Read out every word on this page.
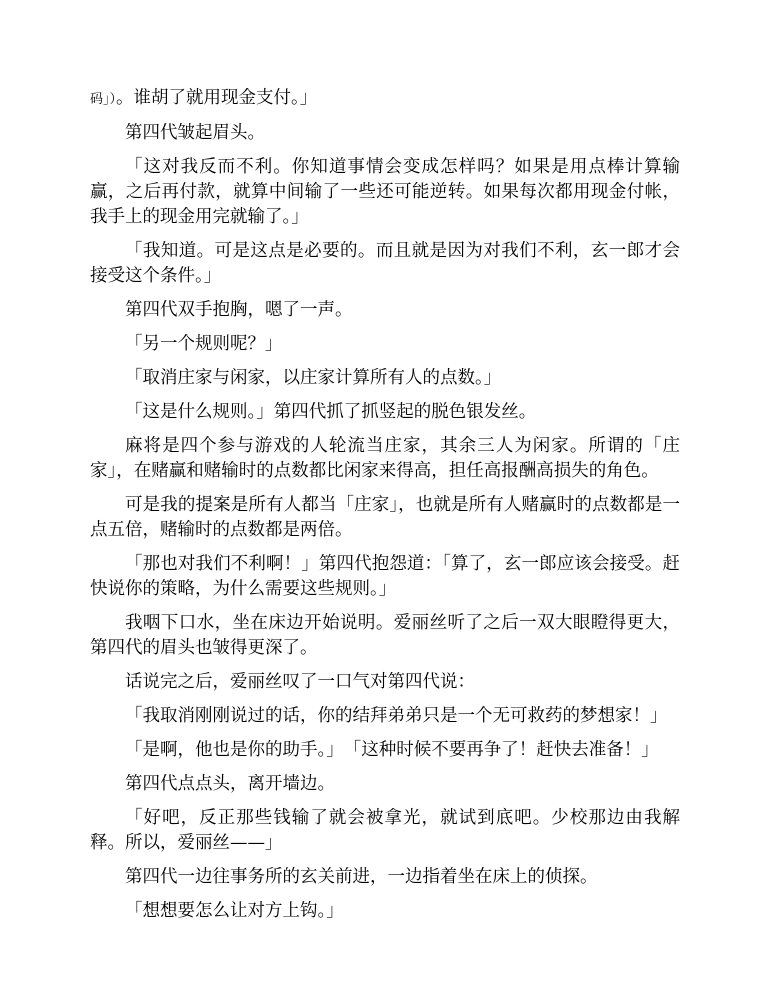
码」）。谁胡了就用现金支付。」

第四代皱起眉头。

「这对我反而不利。你知道事情会变成怎样吗？如果是用点棒计算输赢，之后再付款，就算中间输了一些还可能逆转。如果每次都用现金付帐，我手上的现金用完就输了。」

「我知道。可是这点是必要的。而且就是因为对我们不利，玄一郎才会接受这个条件。」

第四代双手抱胸，嗯了一声。

「另一个规则呢？」

「取消庄家与闲家，以庄家计算所有人的点数。」

「这是什么规则。」第四代抓了抓竖起的脱色银发丝。

麻将是四个参与游戏的人轮流当庄家，其余三人为闲家。所谓的「庄家」，在赌赢和赌输时的点数都比闲家来得高，担任高报酬高损失的角色。

可是我的提案是所有人都当「庄家」，也就是所有人赌赢时的点数都是一点五倍，赌输时的点数都是两倍。

「那也对我们不利啊！」第四代抱怨道：「算了，玄一郎应该会接受。赶快说你的策略，为什么需要这些规则。」

我咽下口水，坐在床边开始说明。爱丽丝听了之后一双大眼瞪得更大，第四代的眉头也皱得更深了。

话说完之后，爱丽丝叹了一口气对第四代说：

「我取消刚刚说过的话，你的结拜弟弟只是一个无可救药的梦想家！」

「是啊，他也是你的助手。」　「这种时候不要再争了！赶快去准备！」

第四代点点头，离开墙边。

「好吧，反正那些钱输了就会被拿光，就试到底吧。少校那边由我解释。所以，爱丽丝——」

第四代一边往事务所的玄关前进，一边指着坐在床上的侦探。

「想想要怎么让对方上钩。」
